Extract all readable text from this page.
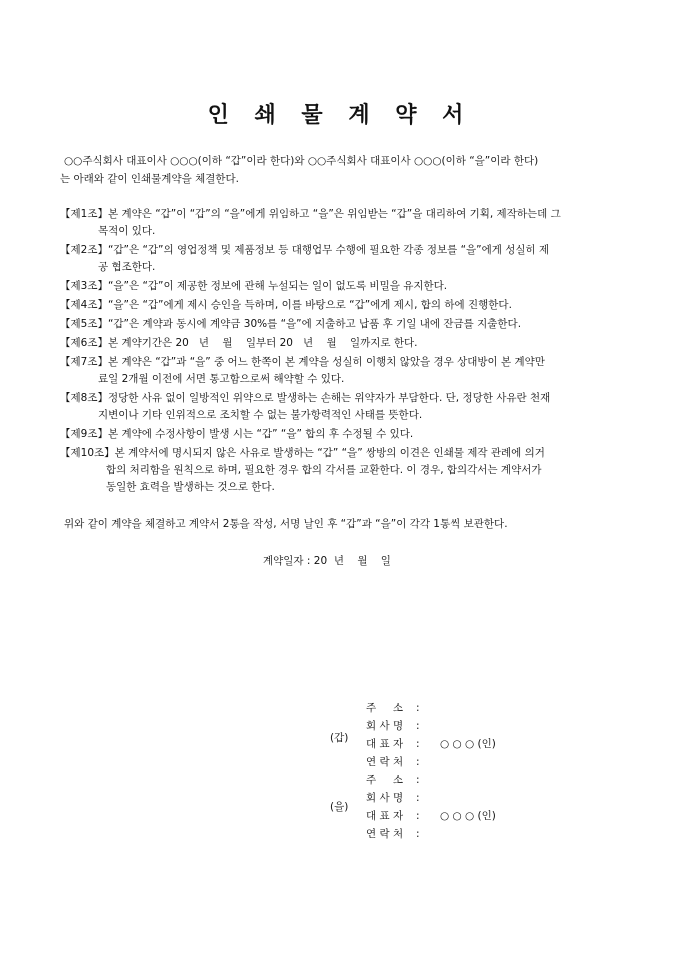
인 쇄 물 계 약 서

○○주식회사 대표이사 ○○○(이하 “갑”이라 한다)와 ○○주식회사 대표이사 ○○○(이하 “을”이라 한다)

는 아래와 같이 인쇄물계약을 체결한다.

【제1조】본 계약은 “갑”이 “갑”의 “을”에게 위임하고 “을”은 위임받는 “갑”을 대리하여 기획, 제작하는데 그
목적이 있다.
【제2조】“갑”은 “갑”의 영업정책 및 제품정보 등 대행업무 수행에 필요한 각종 정보를 “을”에게 성실히 제
공 협조한다.
【제3조】“을”은 “갑”이 제공한 정보에 관해 누설되는 일이 없도록 비밀을 유지한다.
【제4조】“을”은 “갑”에게 제시 승인을 득하며, 이를 바탕으로 “갑”에게 제시, 합의 하에 진행한다.
【제5조】“갑”은 계약과 동시에 계약금 30%를 “을”에 지출하고 납품 후 기일 내에 잔금를 지출한다.
【제6조】본 계약기간은 20   년    월    일부터 20   년    월    일까지로 한다.
【제7조】본 계약은 “갑”과 “을” 중 어느 한쪽이 본 계약을 성실히 이행치 않았을 경우 상대방이 본 계약만
료일 2개월 이전에 서면 통고함으로써 해약할 수 있다.
【제8조】정당한 사유 없이 일방적인 위약으로 발생하는 손해는 위약자가 부담한다. 단, 정당한 사유란 천재
지변이나 기타 인위적으로 조치할 수 없는 불가항력적인 사태를 뜻한다.
【제9조】본 계약에 수정사항이 발생 시는 “갑” “을” 합의 후 수정될 수 있다.
【제10조】본 계약서에 명시되지 않은 사유로 발생하는 “갑” “을” 쌍방의 이견은 인쇄물 제작 관례에 의거
합의 처리함을 원칙으로 하며, 필요한 경우 합의 각서를 교환한다. 이 경우, 합의각서는 계약서가
동일한 효력을 발생하는 것으로 한다.
위와 같이 계약을 체결하고 계약서 2통을 작성, 서명 날인 후 “갑”과 “을”이 각각 1통씩 보관한다.
계약일자 : 20  년    월    일
(갑)
주     소 :
회 사 명 :
대 표 자 : ○ ○ ○ (인)
연 락 처 :
(을)
주     소 :
회 사 명 :
대 표 자 : ○ ○ ○ (인)
연 락 처 :
